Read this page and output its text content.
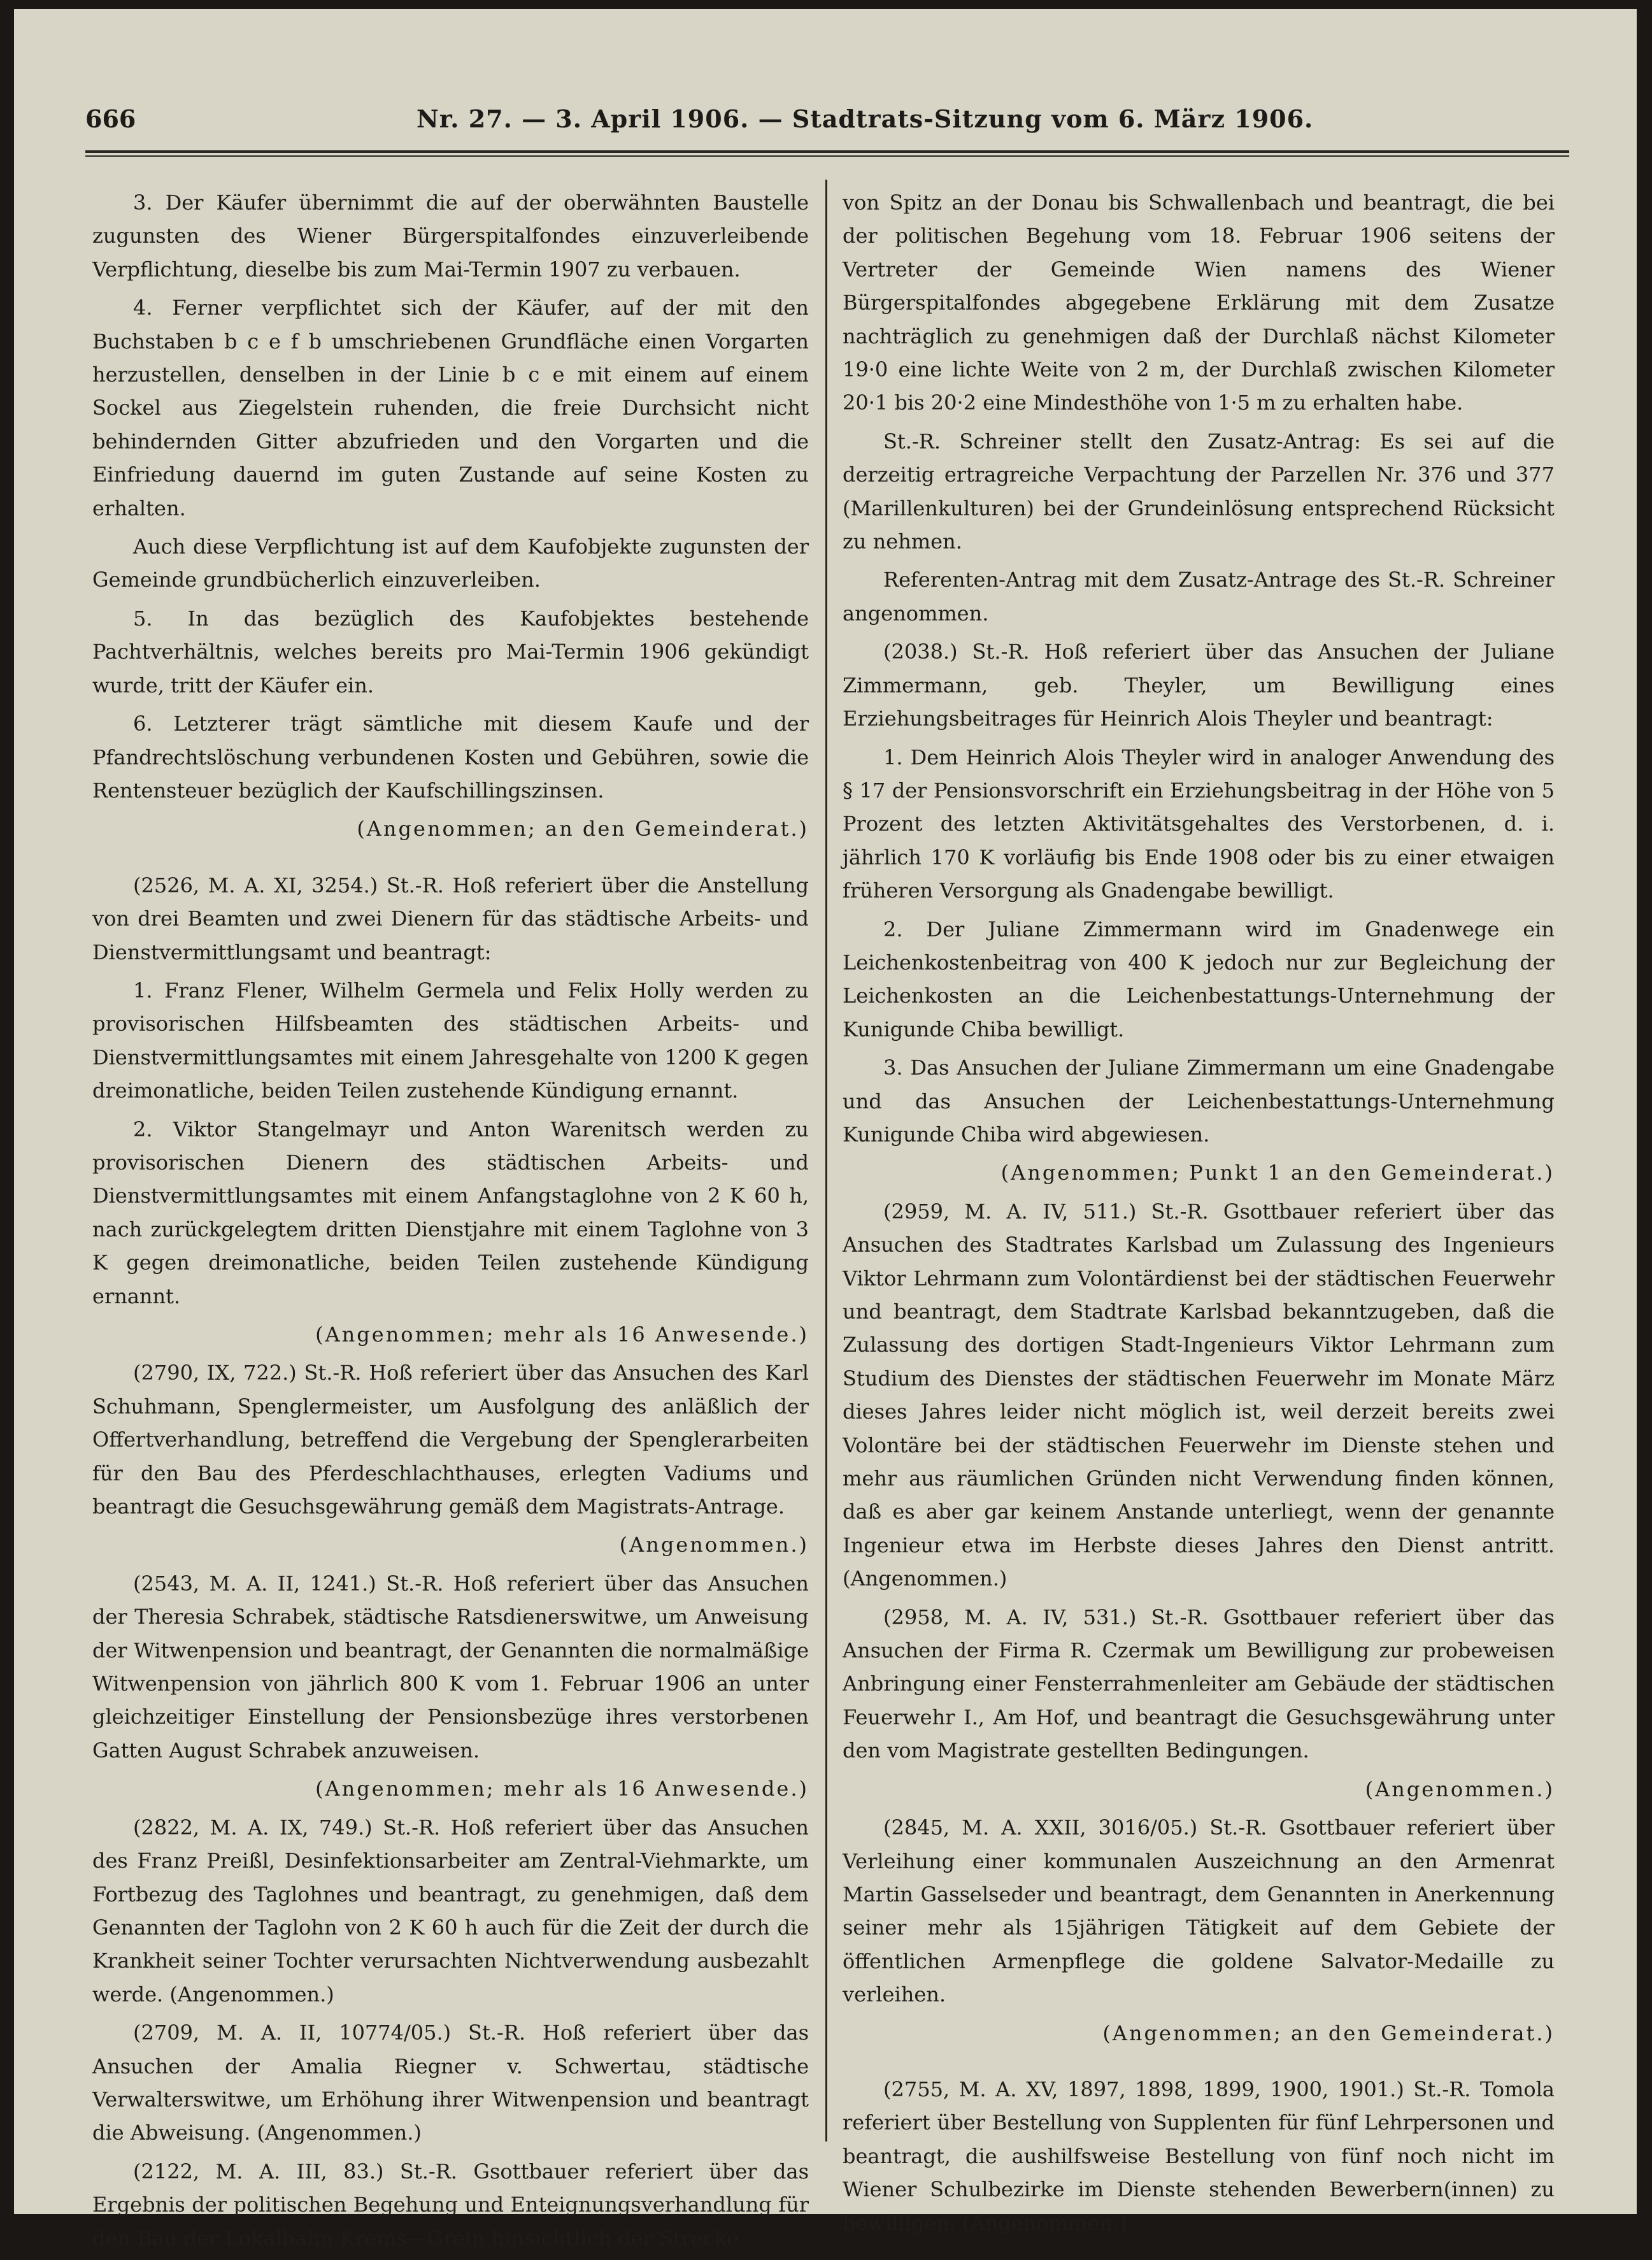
666	Nr. 27. — 3. April 1906. — Stadtrats-Sitzung vom 6. März 1906.

3. Der Käufer übernimmt die auf der oberwähnten Baustelle zugunsten des Wiener Bürgerspitalfondes einzuverleibende Verpflichtung, dieselbe bis zum Mai-Termin 1907 zu verbauen.

4. Ferner verpflichtet sich der Käufer, auf der mit den Buchstaben b c e f b umschriebenen Grundfläche einen Vorgarten herzustellen, denselben in der Linie b c e mit einem auf einem Sockel aus Ziegelstein ruhenden, die freie Durchsicht nicht behindernden Gitter abzufrieden und den Vorgarten und die Einfriedung dauernd im guten Zustande auf seine Kosten zu erhalten.

Auch diese Verpflichtung ist auf dem Kaufobjekte zugunsten der Gemeinde grundbücherlich einzuverleiben.

5. In das bezüglich des Kaufobjektes bestehende Pachtverhältnis, welches bereits pro Mai-Termin 1906 gekündigt wurde, tritt der Käufer ein.

6. Letzterer trägt sämtliche mit diesem Kaufe und der Pfandrechtslöschung verbundenen Kosten und Gebühren, sowie die Rentensteuer bezüglich der Kaufschillingszinsen.

(Angenommen; an den Gemeinderat.)

(2526, M. A. XI, 3254.) St.-R. Hoß referiert über die Anstellung von drei Beamten und zwei Dienern für das städtische Arbeits- und Dienstvermittlungsamt und beantragt:

1. Franz Flener, Wilhelm Germela und Felix Holly werden zu provisorischen Hilfsbeamten des städtischen Arbeits- und Dienstvermittlungsamtes mit einem Jahresgehalte von 1200 K gegen dreimonatliche, beiden Teilen zustehende Kündigung ernannt.

2. Viktor Stangelmayr und Anton Warenitsch werden zu provisorischen Dienern des städtischen Arbeits- und Dienstvermittlungsamtes mit einem Anfangstaglohne von 2 K 60 h, nach zurückgelegtem dritten Dienstjahre mit einem Taglohne von 3 K gegen dreimonatliche, beiden Teilen zustehende Kündigung ernannt.

(Angenommen; mehr als 16 Anwesende.)

(2790, IX, 722.) St.-R. Hoß referiert über das Ansuchen des Karl Schuhmann, Spenglermeister, um Ausfolgung des anläßlich der Offertverhandlung, betreffend die Vergebung der Spenglerarbeiten für den Bau des Pferdeschlachthauses, erlegten Vadiums und beantragt die Gesuchsgewährung gemäß dem Magistrats-Antrage.

(Angenommen.)

(2543, M. A. II, 1241.) St.-R. Hoß referiert über das Ansuchen der Theresia Schrabek, städtische Ratsdienerswitwe, um Anweisung der Witwenpension und beantragt, der Genannten die normalmäßige Witwenpension von jährlich 800 K vom 1. Februar 1906 an unter gleichzeitiger Einstellung der Pensionsbezüge ihres verstorbenen Gatten August Schrabek anzuweisen.

(Angenommen; mehr als 16 Anwesende.)

(2822, M. A. IX, 749.) St.-R. Hoß referiert über das Ansuchen des Franz Preißl, Desinfektionsarbeiter am Zentral-Viehmarkte, um Fortbezug des Taglohnes und beantragt, zu genehmigen, daß dem Genannten der Taglohn von 2 K 60 h auch für die Zeit der durch die Krankheit seiner Tochter verursachten Nichtverwendung ausbezahlt werde. (Angenommen.)

(2709, M. A. II, 10774/05.) St.-R. Hoß referiert über das Ansuchen der Amalia Riegner v. Schwertau, städtische Verwalterswitwe, um Erhöhung ihrer Witwenpension und beantragt die Abweisung. (Angenommen.)

(2122, M. A. III, 83.) St.-R. Gsottbauer referiert über das Ergebnis der politischen Begehung und Enteignungsverhandlung für den Bau der Lokalbahn Krems—Grein hinsichtlich der Strecke

von Spitz an der Donau bis Schwallenbach und beantragt, die bei der politischen Begehung vom 18. Februar 1906 seitens der Vertreter der Gemeinde Wien namens des Wiener Bürgerspitalfondes abgegebene Erklärung mit dem Zusatze nachträglich zu genehmigen daß der Durchlaß nächst Kilometer 19·0 eine lichte Weite von 2 m, der Durchlaß zwischen Kilometer 20·1 bis 20·2 eine Mindesthöhe von 1·5 m zu erhalten habe.

St.-R. Schreiner stellt den Zusatz-Antrag: Es sei auf die derzeitig ertragreiche Verpachtung der Parzellen Nr. 376 und 377 (Marillenkulturen) bei der Grundeinlösung entsprechend Rücksicht zu nehmen.

Referenten-Antrag mit dem Zusatz-Antrage des St.-R. Schreiner angenommen.

(2038.) St.-R. Hoß referiert über das Ansuchen der Juliane Zimmermann, geb. Theyler, um Bewilligung eines Erziehungsbeitrages für Heinrich Alois Theyler und beantragt:

1. Dem Heinrich Alois Theyler wird in analoger Anwendung des § 17 der Pensionsvorschrift ein Erziehungsbeitrag in der Höhe von 5 Prozent des letzten Aktivitätsgehaltes des Verstorbenen, d. i. jährlich 170 K vorläufig bis Ende 1908 oder bis zu einer etwaigen früheren Versorgung als Gnadengabe bewilligt.

2. Der Juliane Zimmermann wird im Gnadenwege ein Leichenkostenbeitrag von 400 K jedoch nur zur Begleichung der Leichenkosten an die Leichenbestattungs-Unternehmung der Kunigunde Chiba bewilligt.

3. Das Ansuchen der Juliane Zimmermann um eine Gnadengabe und das Ansuchen der Leichenbestattungs-Unternehmung Kunigunde Chiba wird abgewiesen.

(Angenommen; Punkt 1 an den Gemeinderat.)

(2959, M. A. IV, 511.) St.-R. Gsottbauer referiert über das Ansuchen des Stadtrates Karlsbad um Zulassung des Ingenieurs Viktor Lehrmann zum Volontärdienst bei der städtischen Feuerwehr und beantragt, dem Stadtrate Karlsbad bekanntzugeben, daß die Zulassung des dortigen Stadt-Ingenieurs Viktor Lehrmann zum Studium des Dienstes der städtischen Feuerwehr im Monate März dieses Jahres leider nicht möglich ist, weil derzeit bereits zwei Volontäre bei der städtischen Feuerwehr im Dienste stehen und mehr aus räumlichen Gründen nicht Verwendung finden können, daß es aber gar keinem Anstande unterliegt, wenn der genannte Ingenieur etwa im Herbste dieses Jahres den Dienst antritt. (Angenommen.)

(2958, M. A. IV, 531.) St.-R. Gsottbauer referiert über das Ansuchen der Firma R. Czermak um Bewilligung zur probeweisen Anbringung einer Fensterrahmenleiter am Gebäude der städtischen Feuerwehr I., Am Hof, und beantragt die Gesuchsgewährung unter den vom Magistrate gestellten Bedingungen.

(Angenommen.)

(2845, M. A. XXII, 3016/05.) St.-R. Gsottbauer referiert über Verleihung einer kommunalen Auszeichnung an den Armenrat Martin Gasselseder und beantragt, dem Genannten in Anerkennung seiner mehr als 15jährigen Tätigkeit auf dem Gebiete der öffentlichen Armenpflege die goldene Salvator-Medaille zu verleihen.

(Angenommen; an den Gemeinderat.)

(2755, M. A. XV, 1897, 1898, 1899, 1900, 1901.) St.-R. Tomola referiert über Bestellung von Supplenten für fünf Lehrpersonen und beantragt, die aushilfsweise Bestellung von fünf noch nicht im Wiener Schulbezirke im Dienste stehenden Bewerbern(innen) zu bewilligen. (Angenommen.)
